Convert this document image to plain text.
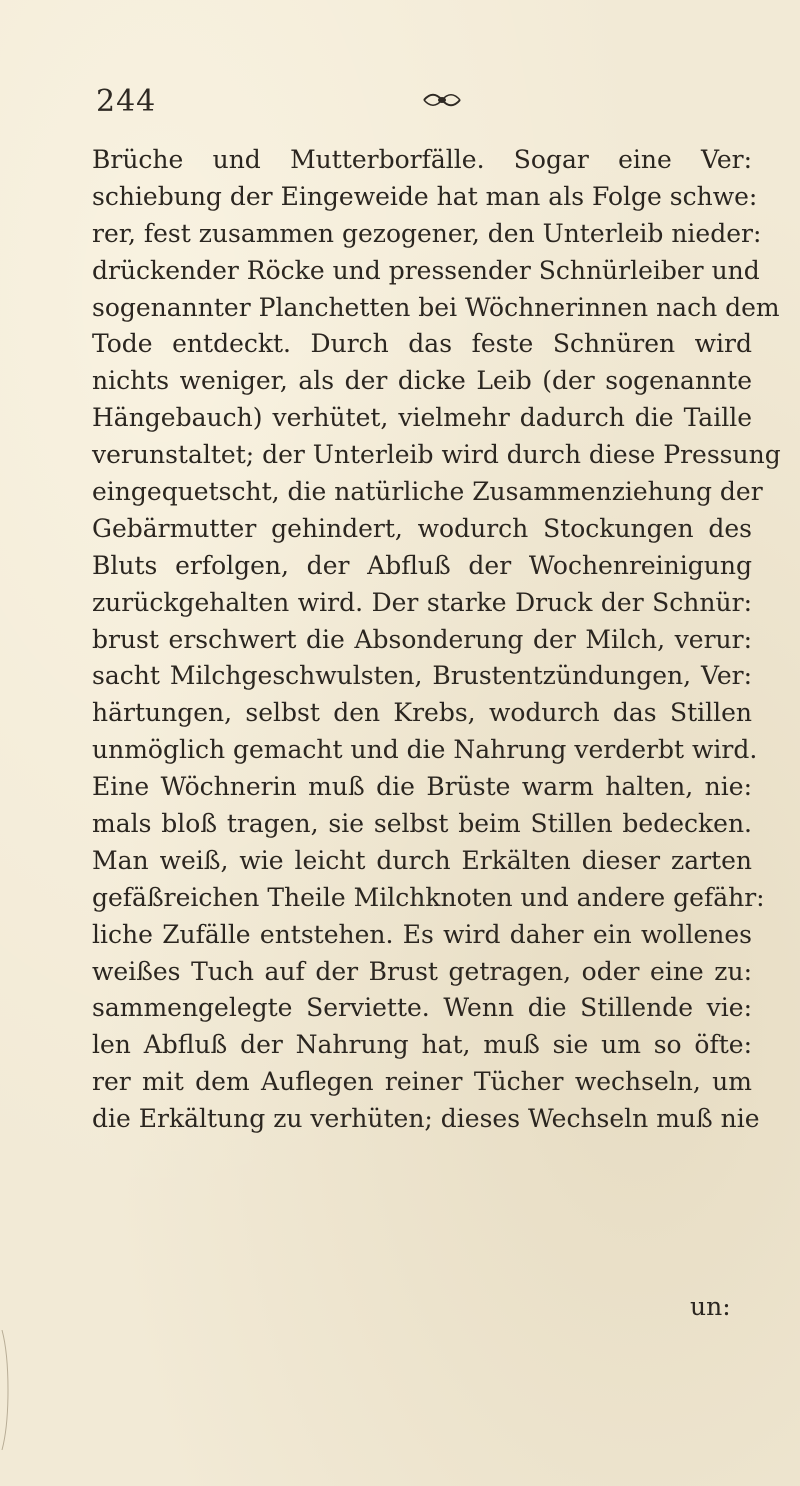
244
Brüche und Mutterborfälle. Sogar eine Ver:
schiebung der Eingeweide hat man als Folge schwe:
rer, fest zusammen gezogener, den Unterleib nieder:
drückender Röcke und pressender Schnürleiber und
sogenannter Planchetten bei Wöchnerinnen nach dem
Tode entdeckt. Durch das feste Schnüren wird
nichts weniger, als der dicke Leib (der sogenannte
Hängebauch) verhütet, vielmehr dadurch die Taille
verunstaltet; der Unterleib wird durch diese Pressung
eingequetscht, die natürliche Zusammenziehung der
Gebärmutter gehindert, wodurch Stockungen des
Bluts erfolgen, der Abfluß der Wochenreinigung
zurückgehalten wird. Der starke Druck der Schnür:
brust erschwert die Absonderung der Milch, verur:
sacht Milchgeschwulsten, Brustentzündungen, Ver:
härtungen, selbst den Krebs, wodurch das Stillen
unmöglich gemacht und die Nahrung verderbt wird.
Eine Wöchnerin muß die Brüste warm halten, nie:
mals bloß tragen, sie selbst beim Stillen bedecken.
Man weiß, wie leicht durch Erkälten dieser zarten
gefäßreichen Theile Milchknoten und andere gefähr:
liche Zufälle entstehen. Es wird daher ein wollenes
weißes Tuch auf der Brust getragen, oder eine zu:
sammengelegte Serviette. Wenn die Stillende vie:
len Abfluß der Nahrung hat, muß sie um so öfte:
rer mit dem Auflegen reiner Tücher wechseln, um
die Erkältung zu verhüten; dieses Wechseln muß nie
un:
